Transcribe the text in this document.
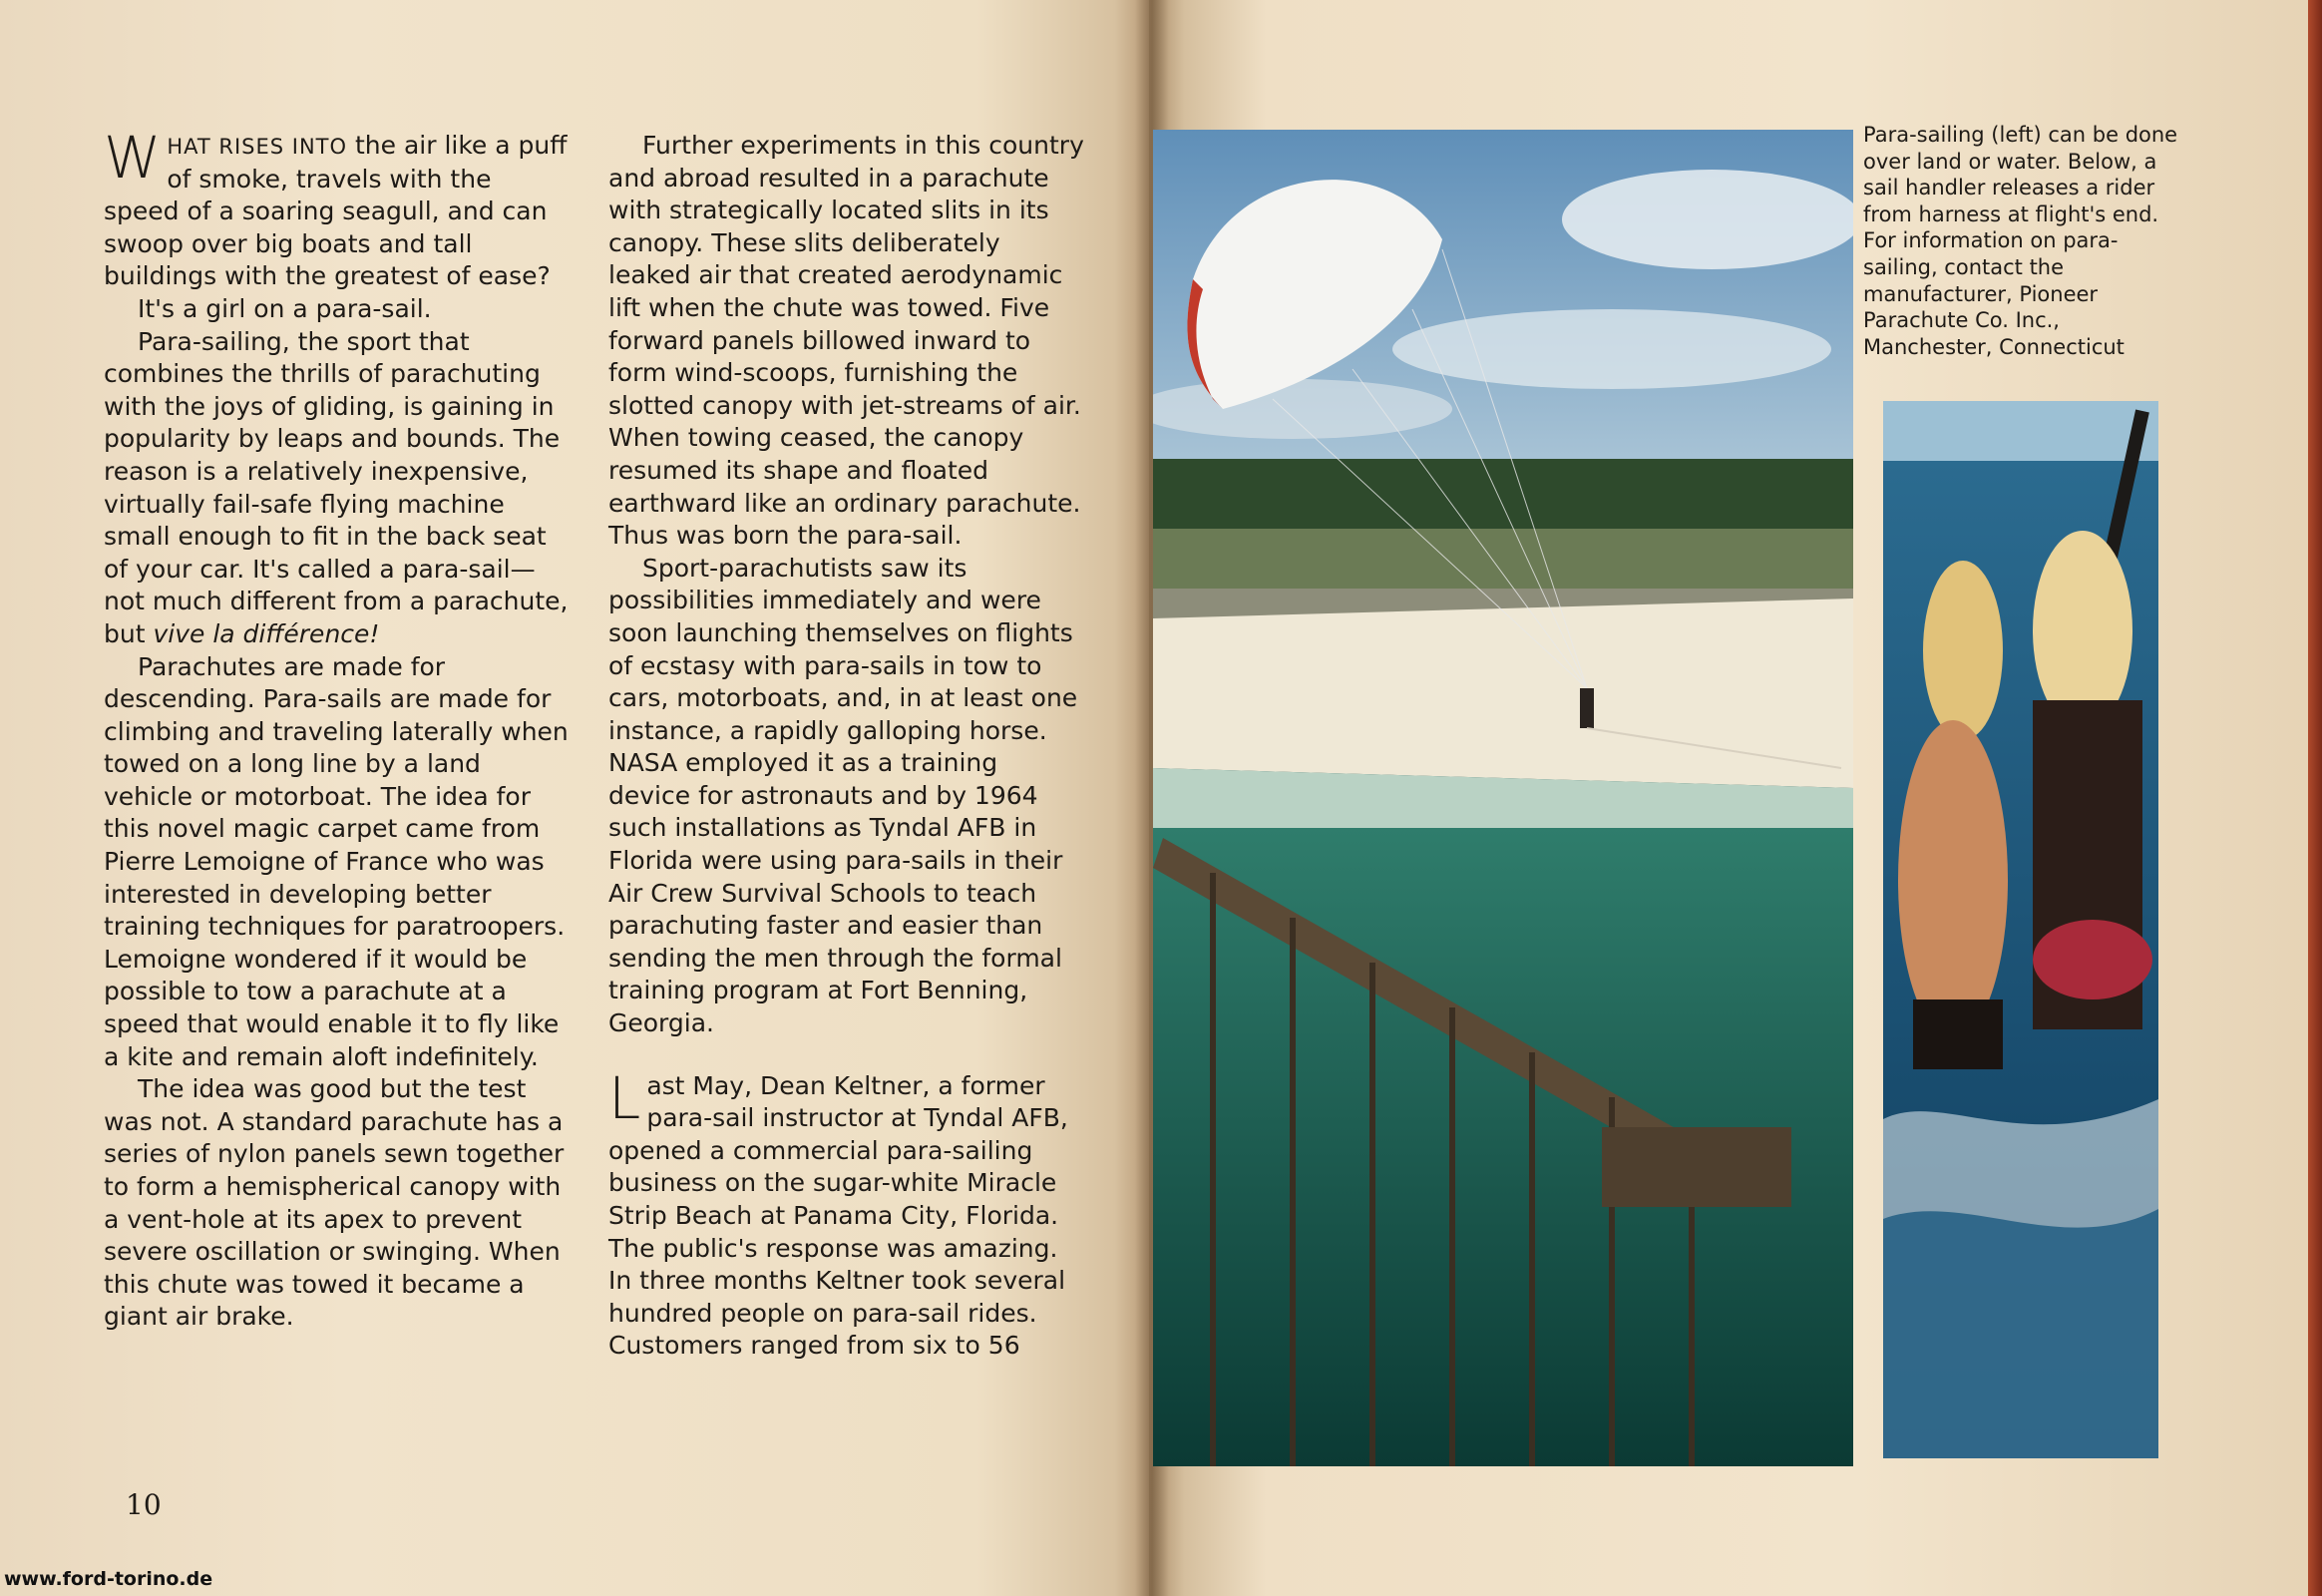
WHAT RISES INTO the air like a puff of smoke, travels with the speed of a soaring seagull, and can swoop over big boats and tall buildings with the greatest of ease?

It's a girl on a para-sail.

Para-sailing, the sport that combines the thrills of parachuting with the joys of gliding, is gaining in popularity by leaps and bounds. The reason is a relatively inexpensive, virtually fail-safe flying machine small enough to fit in the back seat of your car. It's called a para-sail—not much different from a parachute, but vive la différence!

Parachutes are made for descending. Para-sails are made for climbing and traveling laterally when towed on a long line by a land vehicle or motorboat. The idea for this novel magic carpet came from Pierre Lemoigne of France who was interested in developing better training techniques for paratroopers. Lemoigne wondered if it would be possible to tow a parachute at a speed that would enable it to fly like a kite and remain aloft indefinitely.

The idea was good but the test was not. A standard parachute has a series of nylon panels sewn together to form a hemispherical canopy with a vent-hole at its apex to prevent severe oscillation or swinging. When this chute was towed it became a giant air brake.

Further experiments in this country and abroad resulted in a parachute with strategically located slits in its canopy. These slits deliberately leaked air that created aerodynamic lift when the chute was towed. Five forward panels billowed inward to form wind-scoops, furnishing the slotted canopy with jet-streams of air. When towing ceased, the canopy resumed its shape and floated earthward like an ordinary parachute. Thus was born the para-sail.

Sport-parachutists saw its possibilities immediately and were soon launching themselves on flights of ecstasy with para-sails in tow to cars, motorboats, and, in at least one instance, a rapidly galloping horse. NASA employed it as a training device for astronauts and by 1964 such installations as Tyndal AFB in Florida were using para-sails in their Air Crew Survival Schools to teach parachuting faster and easier than sending the men through the formal training program at Fort Benning, Georgia.

Last May, Dean Keltner, a former para-sail instructor at Tyndal AFB, opened a commercial para-sailing business on the sugar-white Miracle Strip Beach at Panama City, Florida. The public's response was amazing. In three months Keltner took several hundred people on para-sail rides. Customers ranged from six to 56

10
Para-sailing (left) can be done over land or water. Below, a sail handler releases a rider from harness at flight's end. For information on para-sailing, contact the manufacturer, Pioneer Parachute Co. Inc., Manchester, Connecticut
www.ford-torino.de
